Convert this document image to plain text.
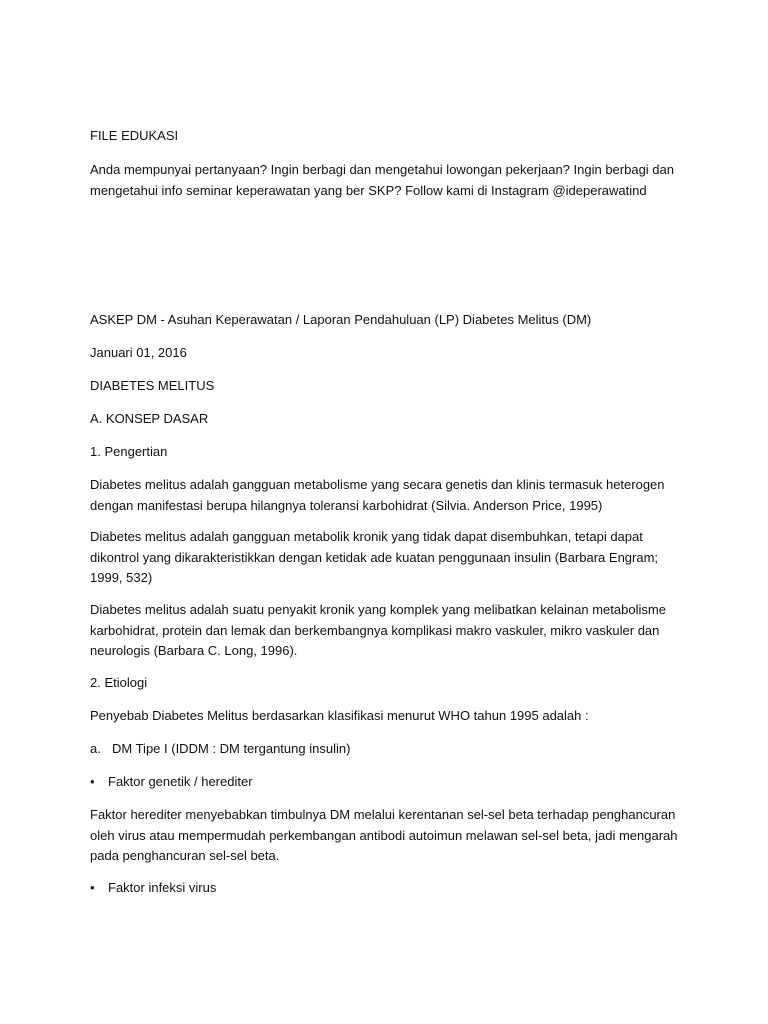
FILE EDUKASI

Anda mempunyai pertanyaan? Ingin berbagi dan mengetahui lowongan pekerjaan? Ingin berbagi dan mengetahui info seminar keperawatan yang ber SKP? Follow kami di Instagram @ideperawatind

ASKEP DM - Asuhan Keperawatan / Laporan Pendahuluan (LP) Diabetes Melitus (DM)

Januari 01, 2016

DIABETES MELITUS

A. KONSEP DASAR

1. Pengertian

Diabetes melitus adalah gangguan metabolisme yang secara genetis dan klinis termasuk heterogen dengan manifestasi berupa hilangnya toleransi karbohidrat (Silvia. Anderson Price, 1995)

Diabetes melitus adalah gangguan metabolik kronik yang tidak dapat disembuhkan, tetapi dapat dikontrol yang dikarakteristikkan dengan ketidak ade kuatan penggunaan insulin (Barbara Engram; 1999, 532)

Diabetes melitus adalah suatu penyakit kronik yang komplek yang melibatkan kelainan metabolisme karbohidrat, protein dan lemak dan berkembangnya komplikasi makro vaskuler, mikro vaskuler dan neurologis (Barbara C. Long, 1996).

2. Etiologi

Penyebab Diabetes Melitus berdasarkan klasifikasi menurut WHO tahun 1995 adalah :

a. DM Tipe I (IDDM : DM tergantung insulin)

• Faktor genetik / herediter

Faktor herediter menyebabkan timbulnya DM melalui kerentanan sel-sel beta terhadap penghancuran oleh virus atau mempermudah perkembangan antibodi autoimun melawan sel-sel beta, jadi mengarah pada penghancuran sel-sel beta.

• Faktor infeksi virus
